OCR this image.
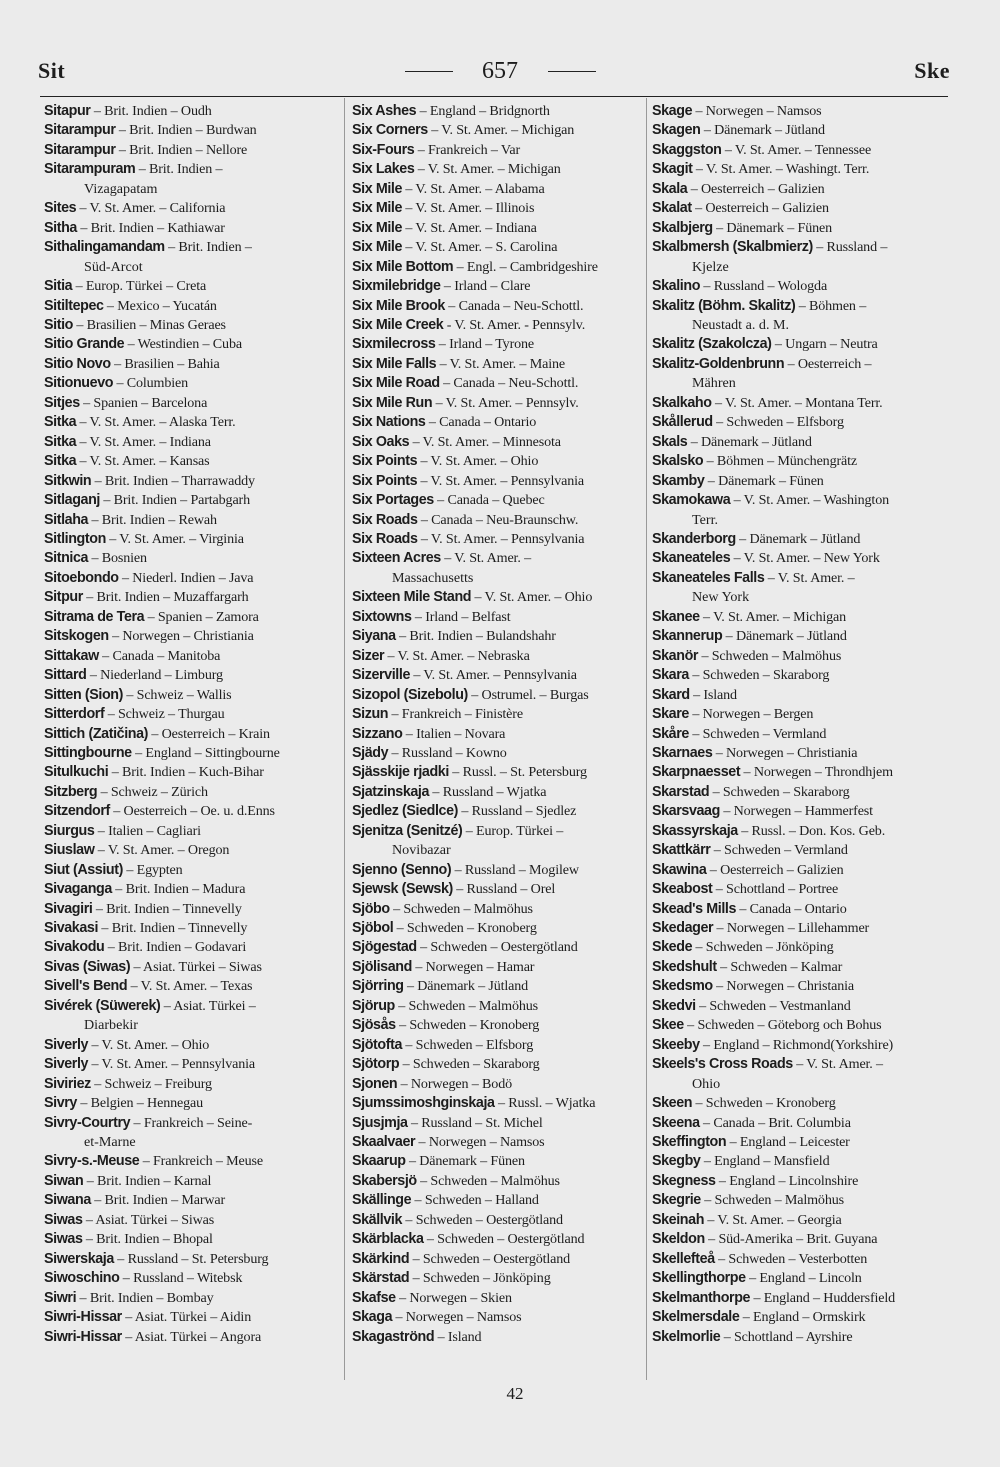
Sit	657	Ske
Sitapur – Brit. Indien – Oudh
Sitarampur – Brit. Indien – Burdwan
Sitarampur – Brit. Indien – Nellore
Sitarampuram – Brit. Indien –
Vizagapatam
Sites – V. St. Amer. – California
Sitha – Brit. Indien – Kathiawar
Sithalingamandam – Brit. Indien –
Süd-Arcot
Sitia – Europ. Türkei – Creta
Sitiltepec – Mexico – Yucatán
Sitio – Brasilien – Minas Geraes
Sitio Grande – Westindien – Cuba
Sitio Novo – Brasilien – Bahia
Sitionuevo – Columbien
Sitjes – Spanien – Barcelona
Sitka – V. St. Amer. – Alaska Terr.
Sitka – V. St. Amer. – Indiana
Sitka – V. St. Amer. – Kansas
Sitkwin – Brit. Indien – Tharrawaddy
Sitlaganj – Brit. Indien – Partabgarh
Sitlaha – Brit. Indien – Rewah
Sitlington – V. St. Amer. – Virginia
Sitnica – Bosnien
Sitoebondo – Niederl. Indien – Java
Sitpur – Brit. Indien – Muzaffargarh
Sitrama de Tera – Spanien – Zamora
Sitskogen – Norwegen – Christiania
Sittakaw – Canada – Manitoba
Sittard – Niederland – Limburg
Sitten (Sion) – Schweiz – Wallis
Sitterdorf – Schweiz – Thurgau
Sittich (Zatičina) – Oesterreich – Krain
Sittingbourne – England – Sittingbourne
Situlkuchi – Brit. Indien – Kuch-Bihar
Sitzberg – Schweiz – Zürich
Sitzendorf – Oesterreich – Oe. u. d.Enns
Siurgus – Italien – Cagliari
Siuslaw – V. St. Amer. – Oregon
Siut (Assiut) – Egypten
Sivaganga – Brit. Indien – Madura
Sivagiri – Brit. Indien – Tinnevelly
Sivakasi – Brit. Indien – Tinnevelly
Sivakodu – Brit. Indien – Godavari
Sivas (Siwas) – Asiat. Türkei – Siwas
Sivell's Bend – V. St. Amer. – Texas
Sivérek (Süwerek) – Asiat. Türkei –
Diarbekir
Siverly – V. St. Amer. – Ohio
Siverly – V. St. Amer. – Pennsylvania
Siviriez – Schweiz – Freiburg
Sivry – Belgien – Hennegau
Sivry-Courtry – Frankreich – Seine-
et-Marne
Sivry-s.-Meuse – Frankreich – Meuse
Siwan – Brit. Indien – Karnal
Siwana – Brit. Indien – Marwar
Siwas – Asiat. Türkei – Siwas
Siwas – Brit. Indien – Bhopal
Siwerskaja – Russland – St. Petersburg
Siwoschino – Russland – Witebsk
Siwri – Brit. Indien – Bombay
Siwri-Hissar – Asiat. Türkei – Aidin
Siwri-Hissar – Asiat. Türkei – Angora
Six Ashes – England – Bridgnorth
Six Corners – V. St. Amer. – Michigan
Six-Fours – Frankreich – Var
Six Lakes – V. St. Amer. – Michigan
Six Mile – V. St. Amer. – Alabama
Six Mile – V. St. Amer. – Illinois
Six Mile – V. St. Amer. – Indiana
Six Mile – V. St. Amer. – S. Carolina
Six Mile Bottom – Engl. – Cambridgeshire
Sixmilebridge – Irland – Clare
Six Mile Brook – Canada – Neu-Schottl.
Six Mile Creek - V. St. Amer. - Pennsylv.
Sixmilecross – Irland – Tyrone
Six Mile Falls – V. St. Amer. – Maine
Six Mile Road – Canada – Neu-Schottl.
Six Mile Run – V. St. Amer. – Pennsylv.
Six Nations – Canada – Ontario
Six Oaks – V. St. Amer. – Minnesota
Six Points – V. St. Amer. – Ohio
Six Points – V. St. Amer. – Pennsylvania
Six Portages – Canada – Quebec
Six Roads – Canada – Neu-Braunschw.
Six Roads – V. St. Amer. – Pennsylvania
Sixteen Acres – V. St. Amer. –
Massachusetts
Sixteen Mile Stand – V. St. Amer. – Ohio
Sixtowns – Irland – Belfast
Siyana – Brit. Indien – Bulandshahr
Sizer – V. St. Amer. – Nebraska
Sizerville – V. St. Amer. – Pennsylvania
Sizopol (Sizebolu) – Ostrumel. – Burgas
Sizun – Frankreich – Finistère
Sizzano – Italien – Novara
Sjädy – Russland – Kowno
Sjässkije rjadki – Russl. – St. Petersburg
Sjatzinskaja – Russland – Wjatka
Sjedlez (Siedlce) – Russland – Sjedlez
Sjenitza (Senitzé) – Europ. Türkei –
Novibazar
Sjenno (Senno) – Russland – Mogilew
Sjewsk (Sewsk) – Russland – Orel
Sjöbo – Schweden – Malmöhus
Sjöbol – Schweden – Kronoberg
Sjögestad – Schweden – Oestergötland
Sjölisand – Norwegen – Hamar
Sjörring – Dänemark – Jütland
Sjörup – Schweden – Malmöhus
Sjösås – Schweden – Kronoberg
Sjötofta – Schweden – Elfsborg
Sjötorp – Schweden – Skaraborg
Sjonen – Norwegen – Bodö
Sjumssimoshginskaja – Russl. – Wjatka
Sjusjmja – Russland – St. Michel
Skaalvaer – Norwegen – Namsos
Skaarup – Dänemark – Fünen
Skabersjö – Schweden – Malmöhus
Skällinge – Schweden – Halland
Skällvik – Schweden – Oestergötland
Skärblacka – Schweden – Oestergötland
Skärkind – Schweden – Oestergötland
Skärstad – Schweden – Jönköping
Skafse – Norwegen – Skien
Skaga – Norwegen – Namsos
Skagaströnd – Island
Skage – Norwegen – Namsos
Skagen – Dänemark – Jütland
Skaggston – V. St. Amer. – Tennessee
Skagit – V. St. Amer. – Washingt. Terr.
Skala – Oesterreich – Galizien
Skalat – Oesterreich – Galizien
Skalbjerg – Dänemark – Fünen
Skalbmersh (Skalbmierz) – Russland –
Kjelze
Skalino – Russland – Wologda
Skalitz (Böhm. Skalitz) – Böhmen –
Neustadt a. d. M.
Skalitz (Szakolcza) – Ungarn – Neutra
Skalitz-Goldenbrunn – Oesterreich –
Mähren
Skalkaho – V. St. Amer. – Montana Terr.
Skållerud – Schweden – Elfsborg
Skals – Dänemark – Jütland
Skalsko – Böhmen – Münchengrätz
Skamby – Dänemark – Fünen
Skamokawa – V. St. Amer. – Washington
Terr.
Skanderborg – Dänemark – Jütland
Skaneateles – V. St. Amer. – New York
Skaneateles Falls – V. St. Amer. –
New York
Skanee – V. St. Amer. – Michigan
Skannerup – Dänemark – Jütland
Skanör – Schweden – Malmöhus
Skara – Schweden – Skaraborg
Skard – Island
Skare – Norwegen – Bergen
Skåre – Schweden – Vermland
Skarnaes – Norwegen – Christiania
Skarpnaesset – Norwegen – Throndhjem
Skarstad – Schweden – Skaraborg
Skarsvaag – Norwegen – Hammerfest
Skassyrskaja – Russl. – Don. Kos. Geb.
Skattkärr – Schweden – Vermland
Skawina – Oesterreich – Galizien
Skeabost – Schottland – Portree
Skead's Mills – Canada – Ontario
Skedager – Norwegen – Lillehammer
Skede – Schweden – Jönköping
Skedshult – Schweden – Kalmar
Skedsmo – Norwegen – Christania
Skedvi – Schweden – Vestmanland
Skee – Schweden – Göteborg och Bohus
Skeeby – England – Richmond(Yorkshire)
Skeels's Cross Roads – V. St. Amer. –
Ohio
Skeen – Schweden – Kronoberg
Skeena – Canada – Brit. Columbia
Skeffington – England – Leicester
Skegby – England – Mansfield
Skegness – England – Lincolnshire
Skegrie – Schweden – Malmöhus
Skeinah – V. St. Amer. – Georgia
Skeldon – Süd-Amerika – Brit. Guyana
Skellefteå – Schweden – Vesterbotten
Skellingthorpe – England – Lincoln
Skelmanthorpe – England – Huddersfield
Skelmersdale – England – Ormskirk
Skelmorlie – Schottland – Ayrshire
42
